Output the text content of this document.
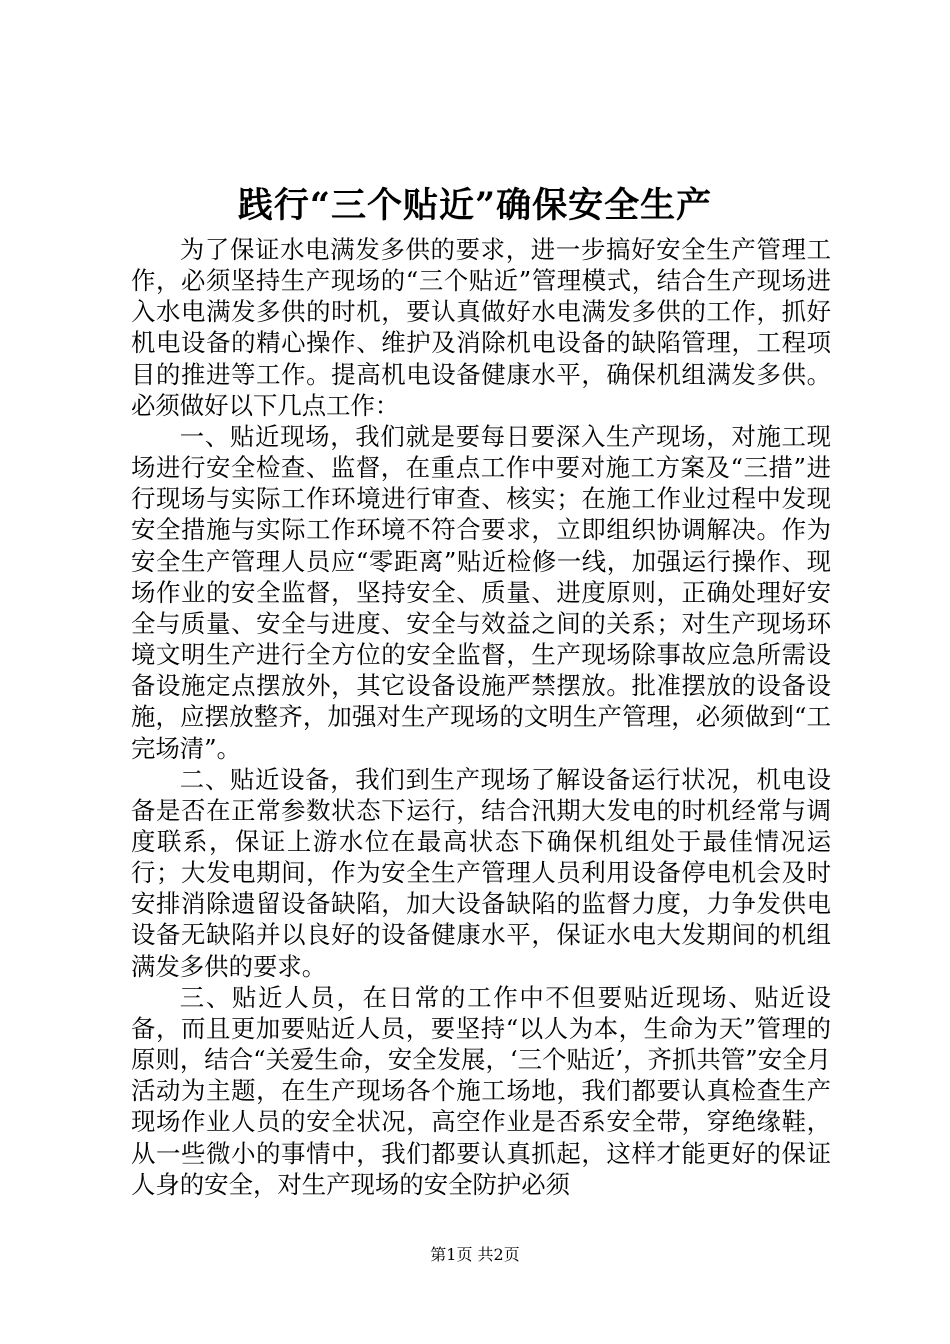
践行“三个贴近”确保安全生产

为了保证水电满发多供的要求，进一步搞好安全生产管理工作，必须坚持生产现场的“三个贴近”管理模式，结合生产现场进入水电满发多供的时机，要认真做好水电满发多供的工作，抓好机电设备的精心操作、维护及消除机电设备的缺陷管理，工程项目的推进等工作。提高机电设备健康水平，确保机组满发多供。必须做好以下几点工作：

一、贴近现场，我们就是要每日要深入生产现场，对施工现场进行安全检查、监督，在重点工作中要对施工方案及“三措”进行现场与实际工作环境进行审查、核实；在施工作业过程中发现安全措施与实际工作环境不符合要求，立即组织协调解决。作为安全生产管理人员应“零距离”贴近检修一线，加强运行操作、现场作业的安全监督，坚持安全、质量、进度原则，正确处理好安全与质量、安全与进度、安全与效益之间的关系；对生产现场环境文明生产进行全方位的安全监督，生产现场除事故应急所需设备设施定点摆放外，其它设备设施严禁摆放。批准摆放的设备设施，应摆放整齐，加强对生产现场的文明生产管理，必须做到“工完场清”。

二、贴近设备，我们到生产现场了解设备运行状况，机电设备是否在正常参数状态下运行，结合汛期大发电的时机经常与调度联系，保证上游水位在最高状态下确保机组处于最佳情况运行；大发电期间，作为安全生产管理人员利用设备停电机会及时安排消除遗留设备缺陷，加大设备缺陷的监督力度，力争发供电设备无缺陷并以良好的设备健康水平，保证水电大发期间的机组满发多供的要求。

三、贴近人员，在日常的工作中不但要贴近现场、贴近设备，而且更加要贴近人员，要坚持“以人为本，生命为天”管理的原则，结合“关爱生命，安全发展，‘三个贴近’，齐抓共管”安全月活动为主题，在生产现场各个施工场地，我们都要认真检查生产现场作业人员的安全状况，高空作业是否系安全带，穿绝缘鞋，从一些微小的事情中，我们都要认真抓起，这样才能更好的保证人身的安全，对生产现场的安全防护必须

第1页 共2页
